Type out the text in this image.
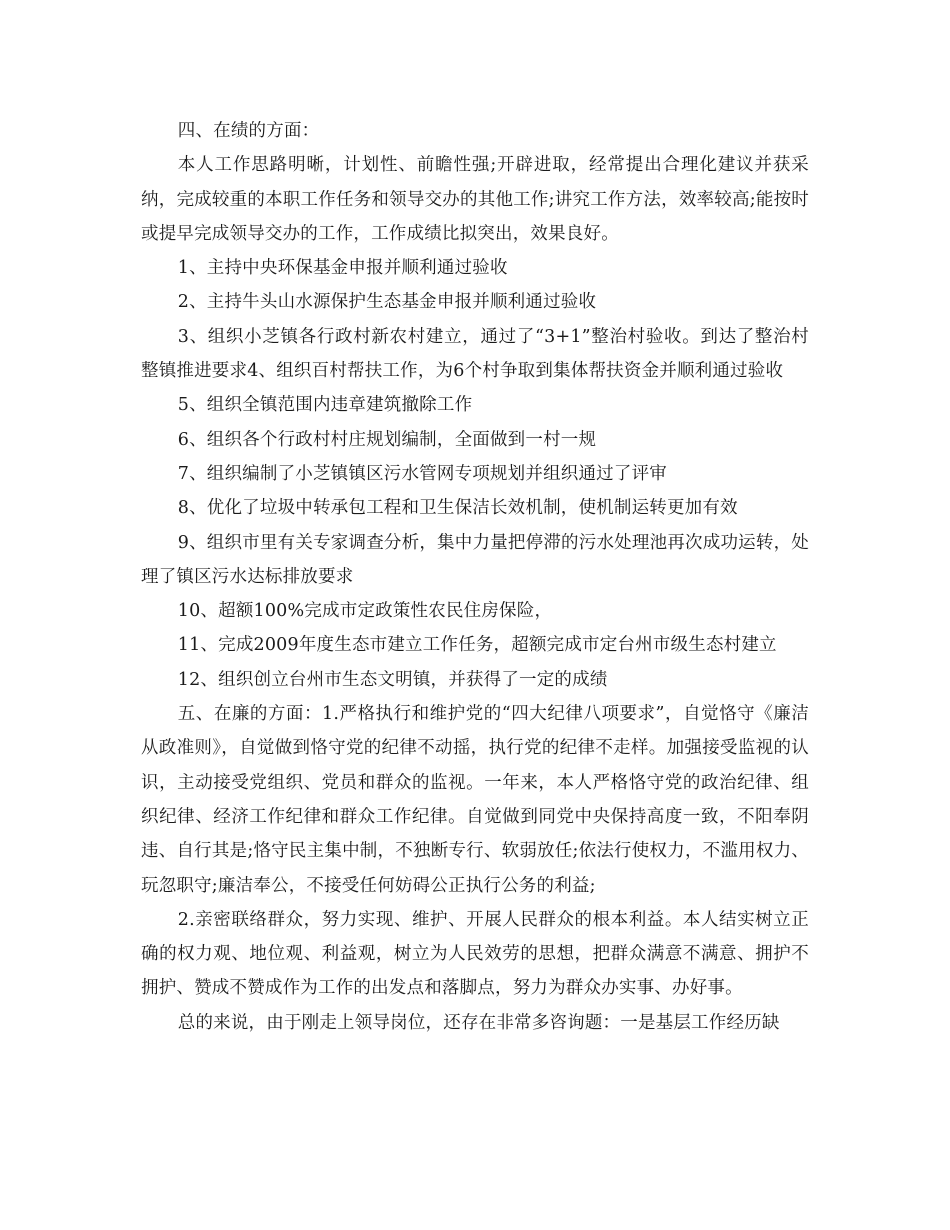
四、在绩的方面：

本人工作思路明晰，计划性、前瞻性强;开辟进取，经常提出合理化建议并获采纳，完成较重的本职工作任务和领导交办的其他工作;讲究工作方法，效率较高;能按时或提早完成领导交办的工作，工作成绩比拟突出，效果良好。

1、主持中央环保基金申报并顺利通过验收

2、主持牛头山水源保护生态基金申报并顺利通过验收

3、组织小芝镇各行政村新农村建立，通过了“3+1”整治村验收。到达了整治村整镇推进要求4、组织百村帮扶工作，为6个村争取到集体帮扶资金并顺利通过验收

5、组织全镇范围内违章建筑撤除工作

6、组织各个行政村村庄规划编制，全面做到一村一规

7、组织编制了小芝镇镇区污水管网专项规划并组织通过了评审

8、优化了垃圾中转承包工程和卫生保洁长效机制，使机制运转更加有效

9、组织市里有关专家调查分析，集中力量把停滞的污水处理池再次成功运转，处理了镇区污水达标排放要求

10、超额100%完成市定政策性农民住房保险，

11、完成2009年度生态市建立工作任务，超额完成市定台州市级生态村建立

12、组织创立台州市生态文明镇，并获得了一定的成绩

五、在廉的方面：1.严格执行和维护党的“四大纪律八项要求”，自觉恪守《廉洁从政准则》，自觉做到恪守党的纪律不动摇，执行党的纪律不走样。加强接受监视的认识，主动接受党组织、党员和群众的监视。一年来，本人严格恪守党的政治纪律、组织纪律、经济工作纪律和群众工作纪律。自觉做到同党中央保持高度一致，不阳奉阴违、自行其是;恪守民主集中制，不独断专行、软弱放任;依法行使权力，不滥用权力、玩忽职守;廉洁奉公，不接受任何妨碍公正执行公务的利益;

2.亲密联络群众，努力实现、维护、开展人民群众的根本利益。本人结实树立正确的权力观、地位观、利益观，树立为人民效劳的思想，把群众满意不满意、拥护不拥护、赞成不赞成作为工作的出发点和落脚点，努力为群众办实事、办好事。

总的来说，由于刚走上领导岗位，还存在非常多咨询题：一是基层工作经历缺
